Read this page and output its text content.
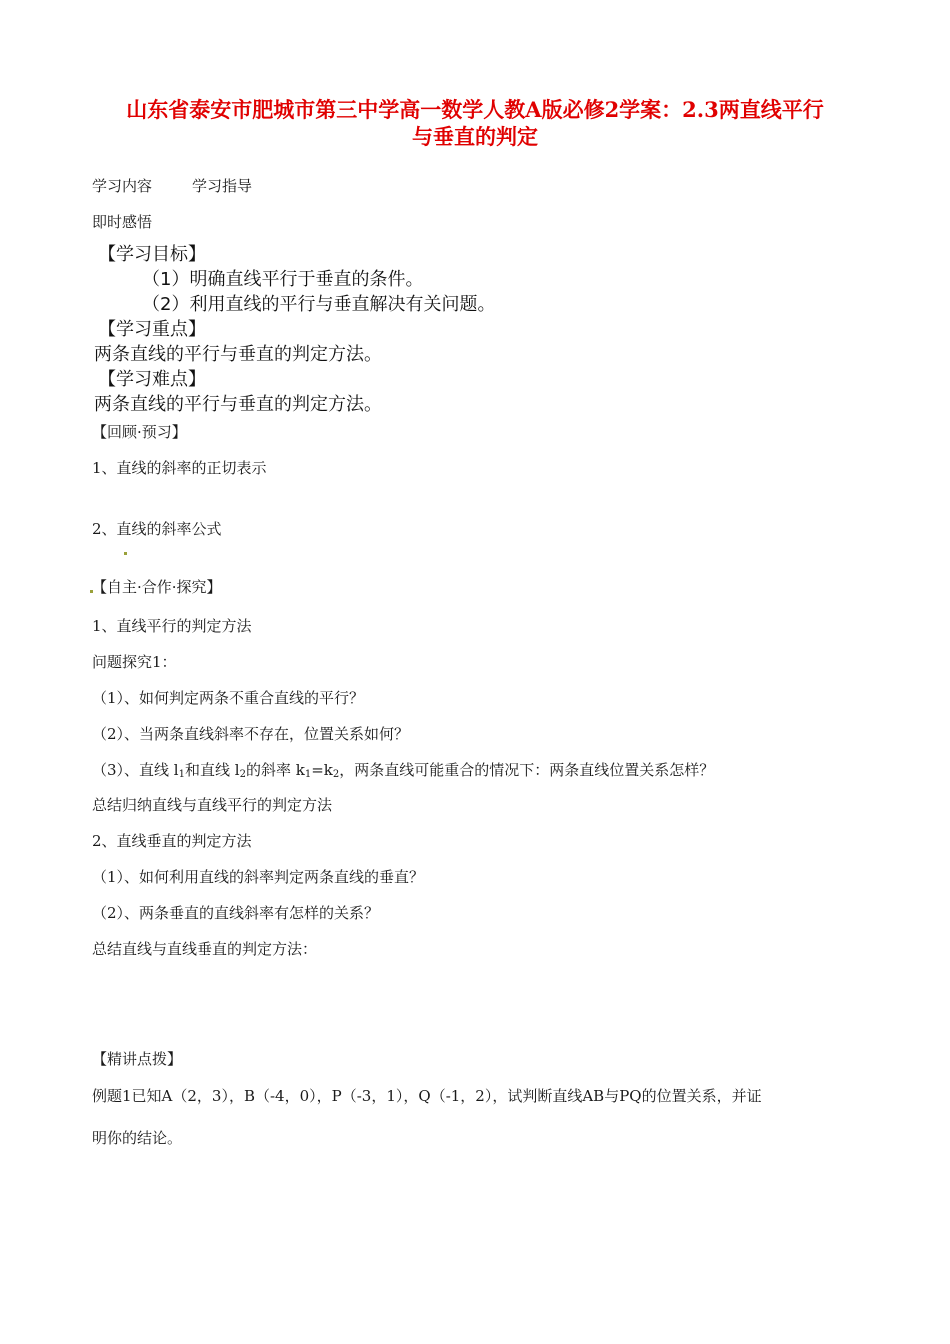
山东省泰安市肥城市第三中学高一数学人教A版必修2学案：2.3两直线平行
与垂直的判定
学习内容	学习指导
即时感悟
【学习目标】
（1）明确直线平行于垂直的条件。
（2）利用直线的平行与垂直解决有关问题。
【学习重点】
两条直线的平行与垂直的判定方法。
【学习难点】
两条直线的平行与垂直的判定方法。
【回顾·预习】
1、直线的斜率的正切表示
2、直线的斜率公式
【自主·合作·探究】
1、直线平行的判定方法
问题探究1：
（1）、如何判定两条不重合直线的平行？
（2）、当两条直线斜率不存在，位置关系如何？
（3）、直线 $l_1$和直线 $l_2$的斜率 $k_1=k_2$，两条直线可能重合的情况下：两条直线位置关系怎样？
总结归纳直线与直线平行的判定方法
2、直线垂直的判定方法
（1）、如何利用直线的斜率判定两条直线的垂直？
（2）、两条垂直的直线斜率有怎样的关系？
总结直线与直线垂直的判定方法：
【精讲点拨】
例题1已知A（2，3），B（-4，0），P（-3，1），Q（-1，2），试判断直线AB与PQ的位置关系，并证
明你的结论。
